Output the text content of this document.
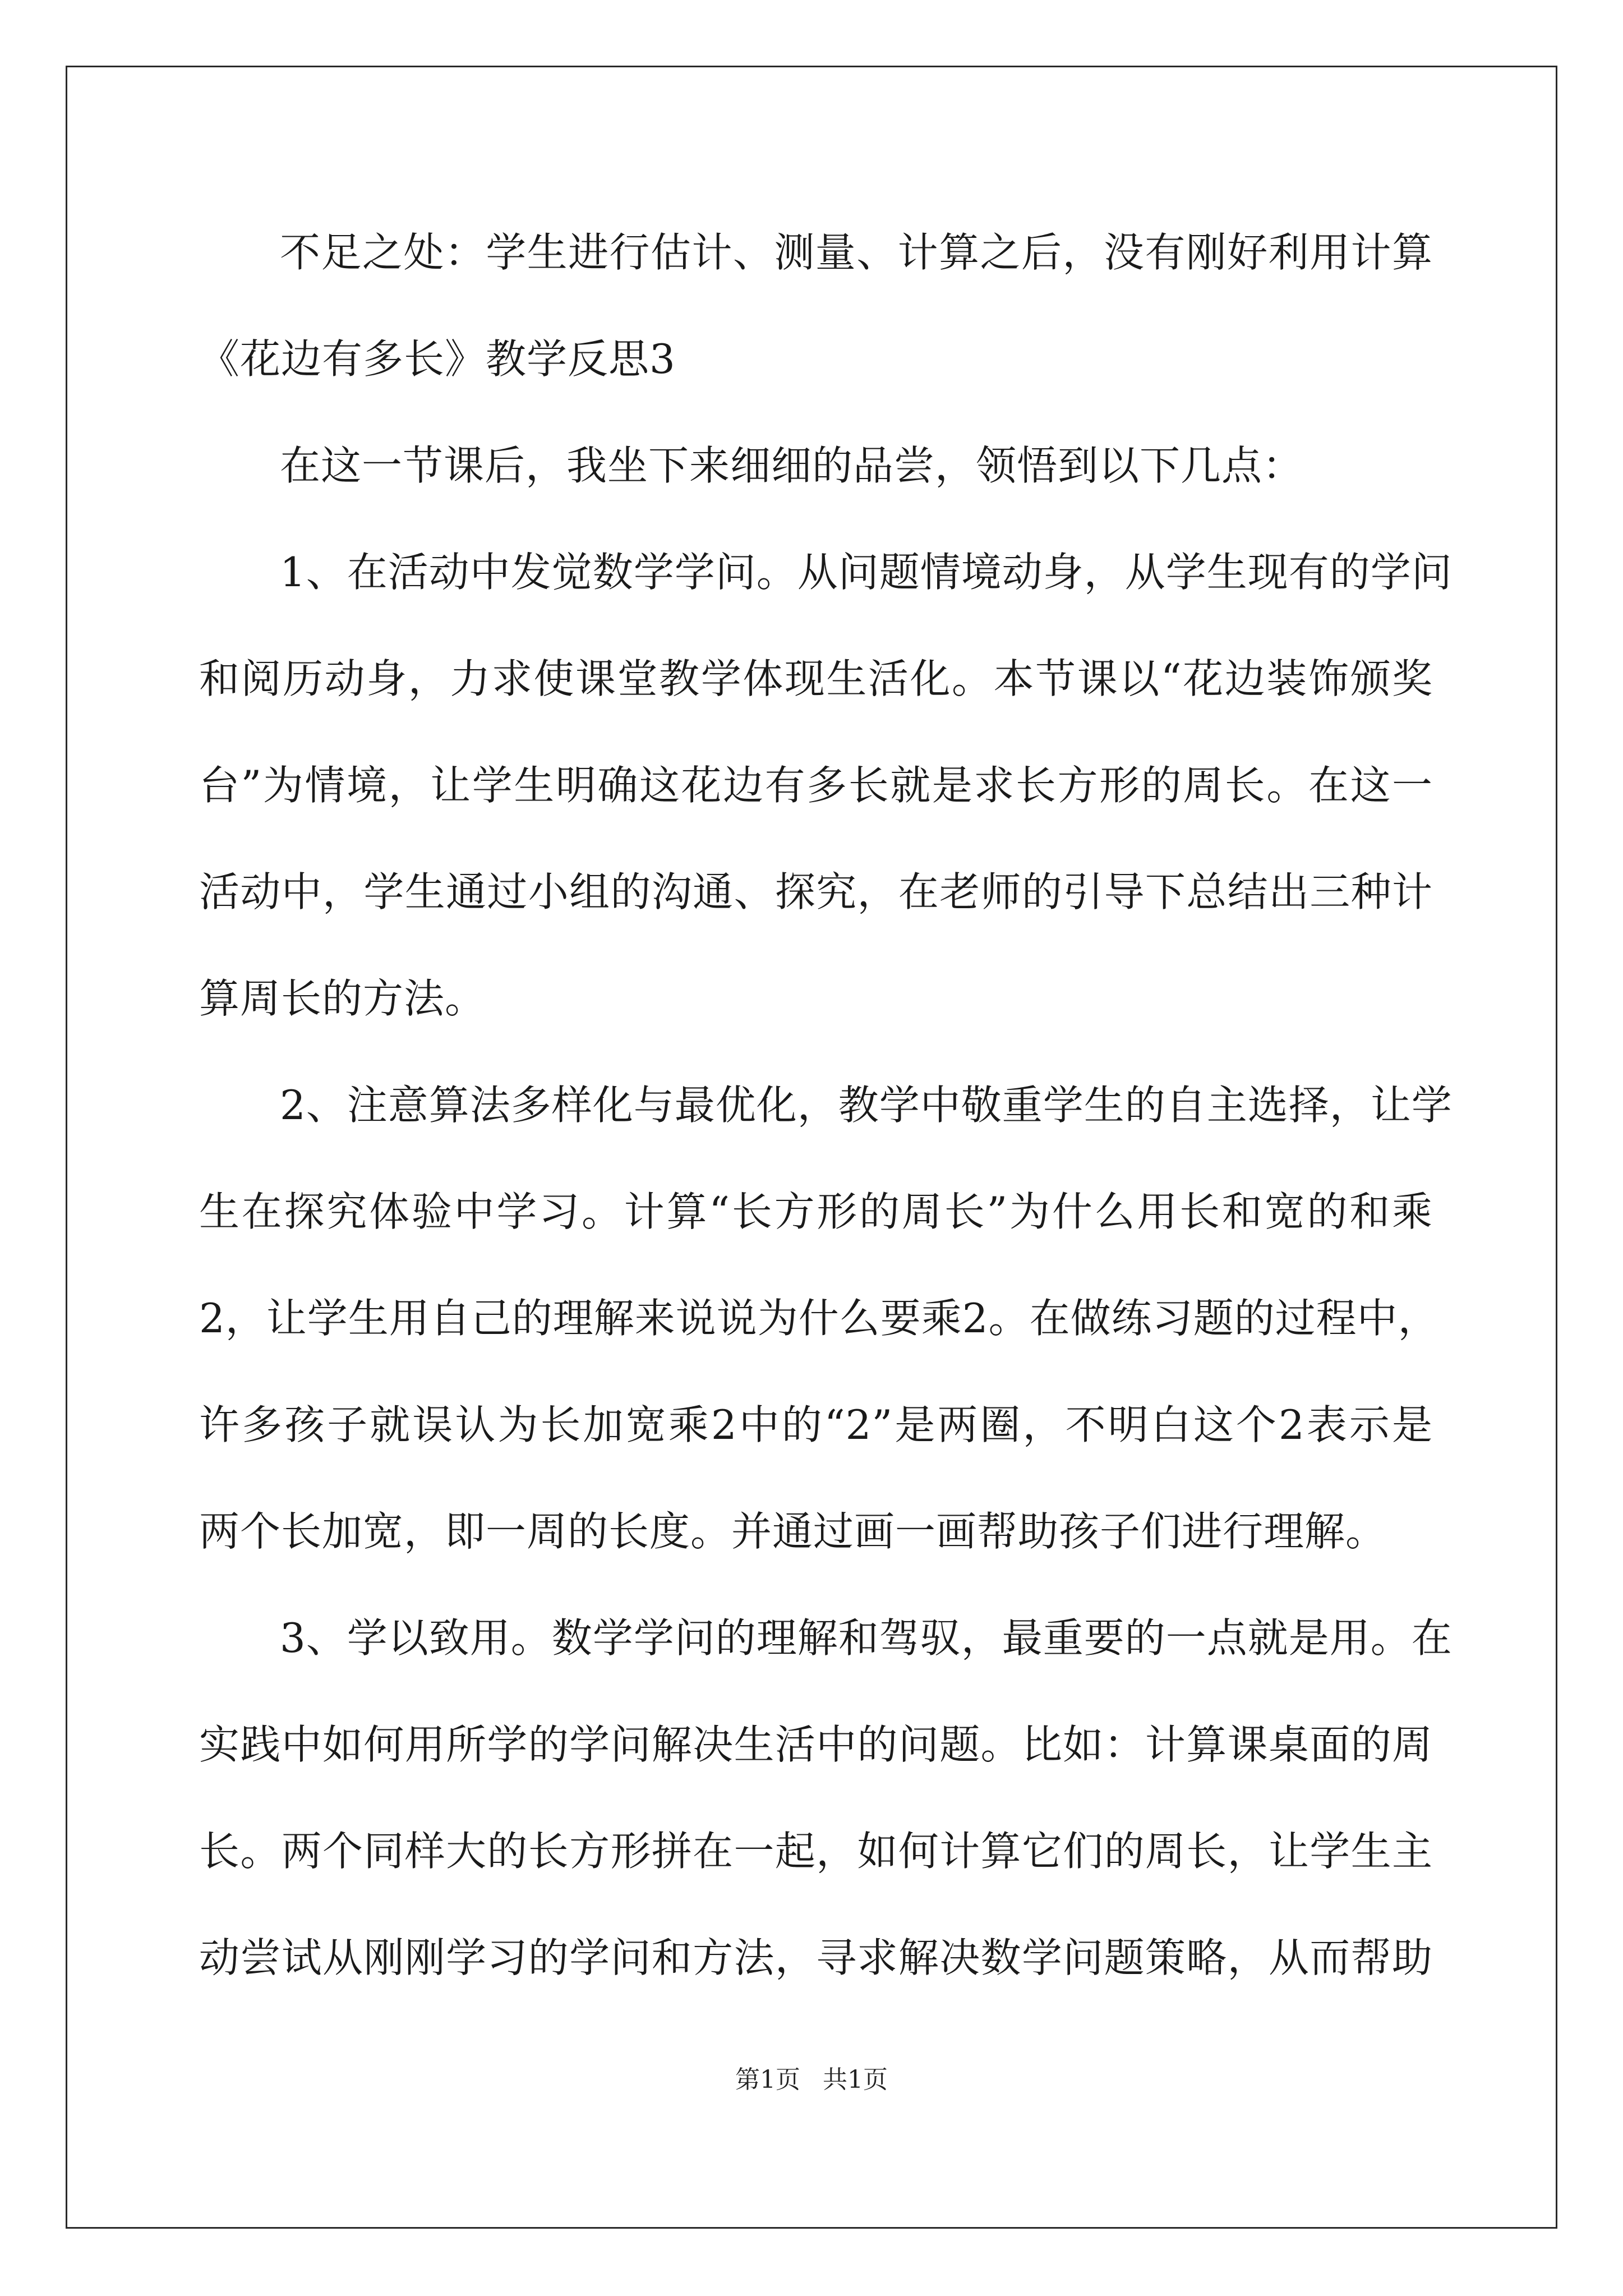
不足之处：学生进行估计、测量、计算之后，没有刚好利用计算
《花边有多长》教学反思3
在这一节课后，我坐下来细细的品尝，领悟到以下几点：
1、在活动中发觉数学学问。从问题情境动身，从学生现有的学问
和阅历动身，力求使课堂教学体现生活化。本节课以“花边装饰颁奖
台”为情境，让学生明确这花边有多长就是求长方形的周长。在这一
活动中，学生通过小组的沟通、探究，在老师的引导下总结出三种计
算周长的方法。
2、注意算法多样化与最优化，教学中敬重学生的自主选择，让学
生在探究体验中学习。计算“长方形的周长”为什么用长和宽的和乘
2，让学生用自己的理解来说说为什么要乘2。在做练习题的过程中，
许多孩子就误认为长加宽乘2中的“2”是两圈，不明白这个2表示是
两个长加宽，即一周的长度。并通过画一画帮助孩子们进行理解。
3、学以致用。数学学问的理解和驾驭，最重要的一点就是用。在
实践中如何用所学的学问解决生活中的问题。比如：计算课桌面的周
长。两个同样大的长方形拼在一起，如何计算它们的周长，让学生主
动尝试从刚刚学习的学问和方法，寻求解决数学问题策略，从而帮助
第1页 共1页
